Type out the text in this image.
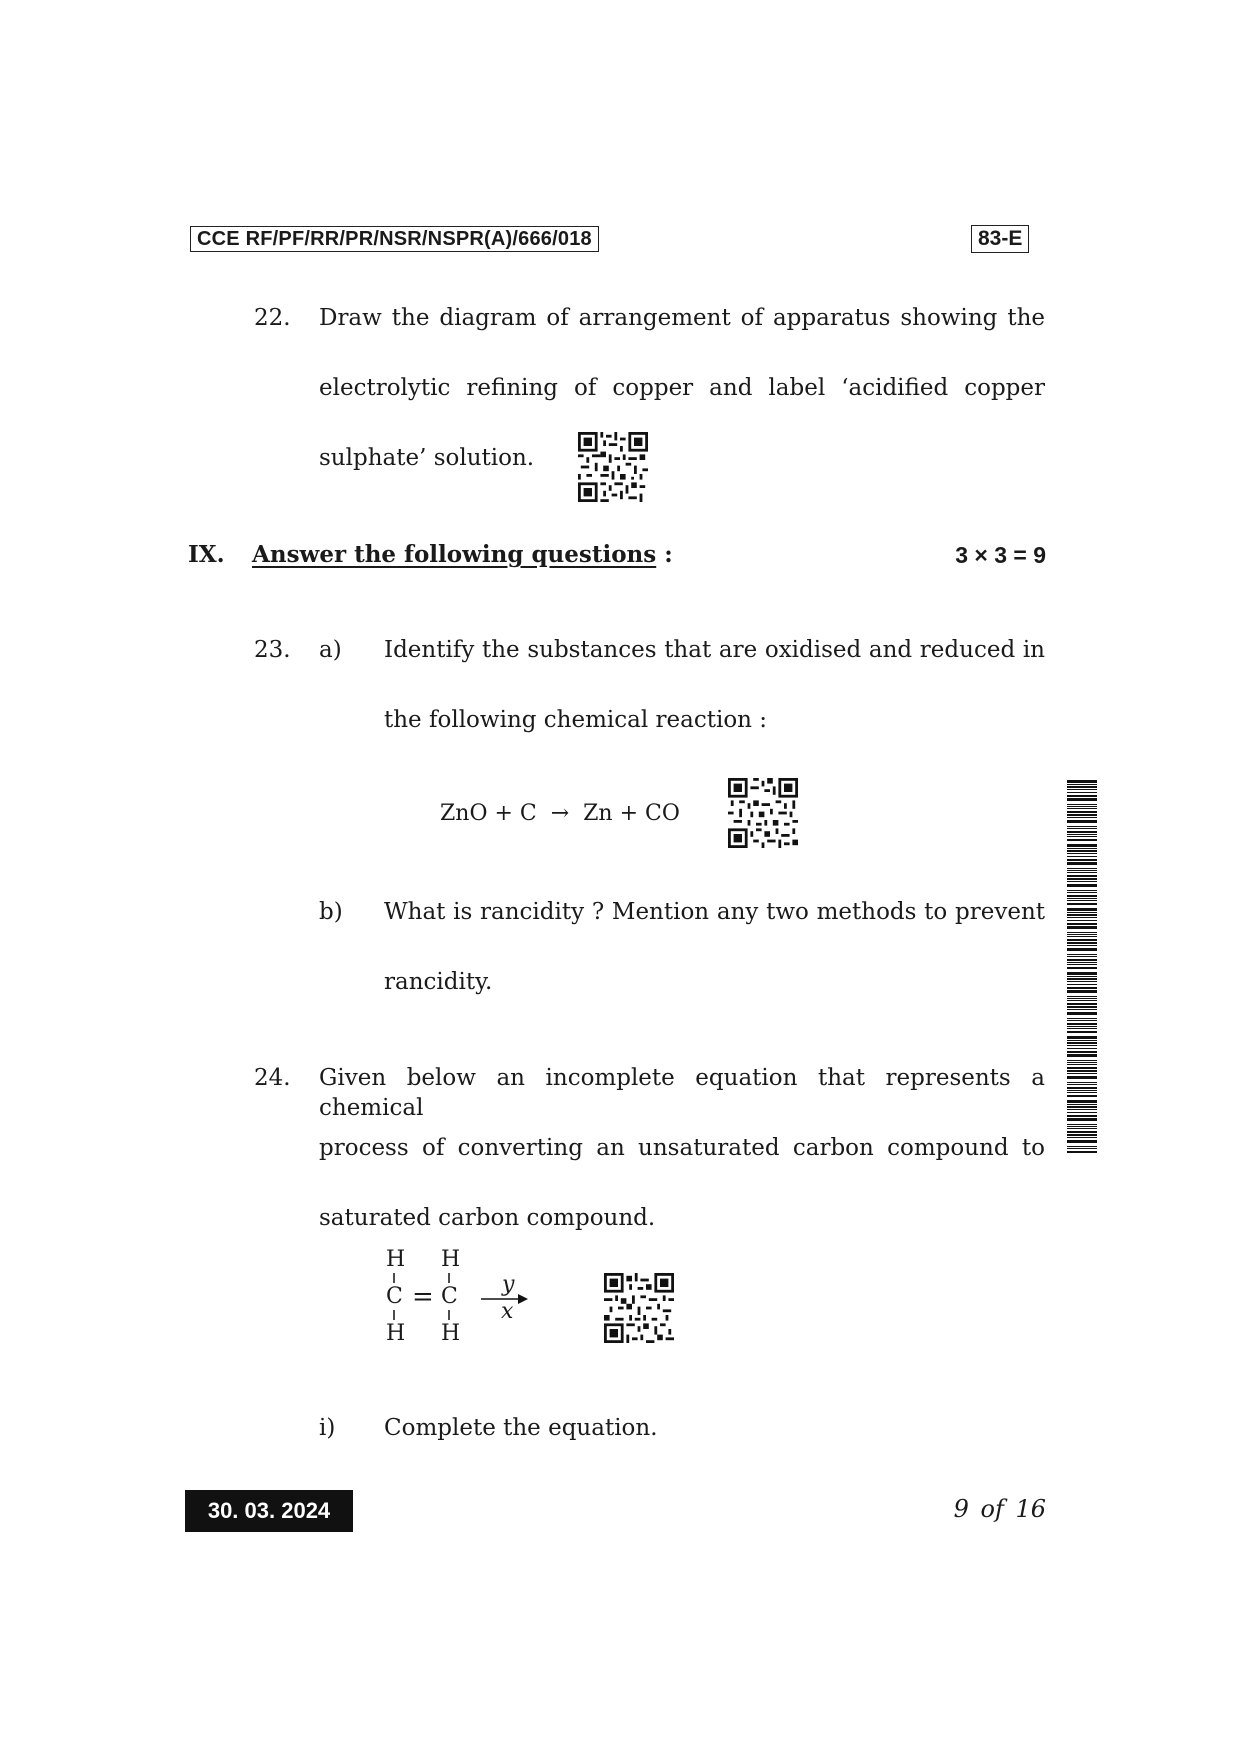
CCE RF/PF/RR/PR/NSR/NSPR(A)/666/018	83-E
22. Draw the diagram of arrangement of apparatus showing the
electrolytic refining of copper and label ‘acidified copper
sulphate’ solution.
IX. Answer the following questions :	3 × 3 = 9
23. a) Identify the substances that are oxidised and reduced in
the following chemical reaction :
ZnO + C  →  Zn + CO
b) What is rancidity ? Mention any two methods to prevent
rancidity.
24. Given below an incomplete equation that represents a chemical
process of converting an unsaturated carbon compound to
saturated carbon compound.
H H
C = C
H H
y
x
i) Complete the equation.
30. 03. 2024	9 of 16
